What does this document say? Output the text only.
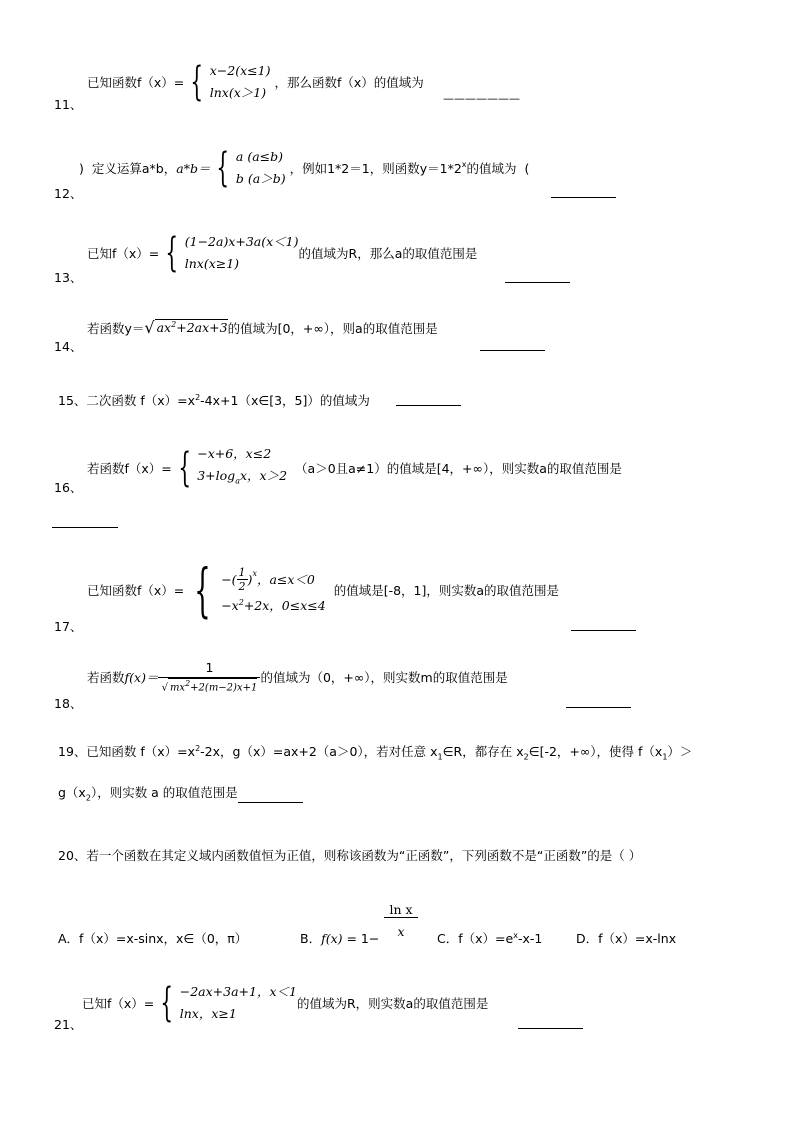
已知函数f（x）= { x−2(x≤1)
lnx(x＞1)
，那么函数f（x）的值域为
———————
11、
) 定义运算a*b， a*b＝ { a (a≤b)
b (a＞b)
，例如1*2＝1，则函数$y=1*2^x$ 的值域为 (
12、
已知f（x）= { (1−2a)x+3a(x＜1)
lnx(x≥1)
的值域为R，那么a的取值范围是
13、
若函数y＝ √ $ax^2+2ax+3$ 的值域为[0，+∞），则a的取值范围是
14、
15、二次函数 $f(x)=x^2-4x+1(x\in[3$，5]）的值域为
若函数f（x）= { −x+6，x≤2
$3+\log_ax$，x＞2 （a＞0且a≠1）的值域是[4，+∞），则实数a的取值范围是
16、
已知函数f（x）= { −( $\frac{1}{2} )^x$ ，a≤x＜0
$-x^2+2x$，0≤x≤4
的值域是[-8，1]，则实数a的取值范围是
17、
若函数 $f(x)= \frac{1}{√ mx^2+2(m-2)x+1}$ 的值域为（0，+∞），则实数m的取值范围是
18、
19、已知函数 $f(x)=x^2-2x$，g（x）=ax+2（a＞0），若对任意 $x_1\in R$，都存在 $x_2\in[-2$，+∞），使得 $f(x_1)>$
$g(x_2)$，则实数 a 的取值范围是
20、若一个函数在其定义域内函数值恒为正值，则称该函数为“正函数”，下列函数不是“正函数”的是（ ）
A．f（x）=x-sinx，x∈（0，π）	B．$f(x) = 1- \frac{\text{ln x}}{x}$ C．$f(x)=e^x-x-1$	D．f（x）=x-lnx
已知f（x）= { −2ax+3a+1，x＜1
lnx，x≥1
的值域为R，则实数a的取值范围是
21、
